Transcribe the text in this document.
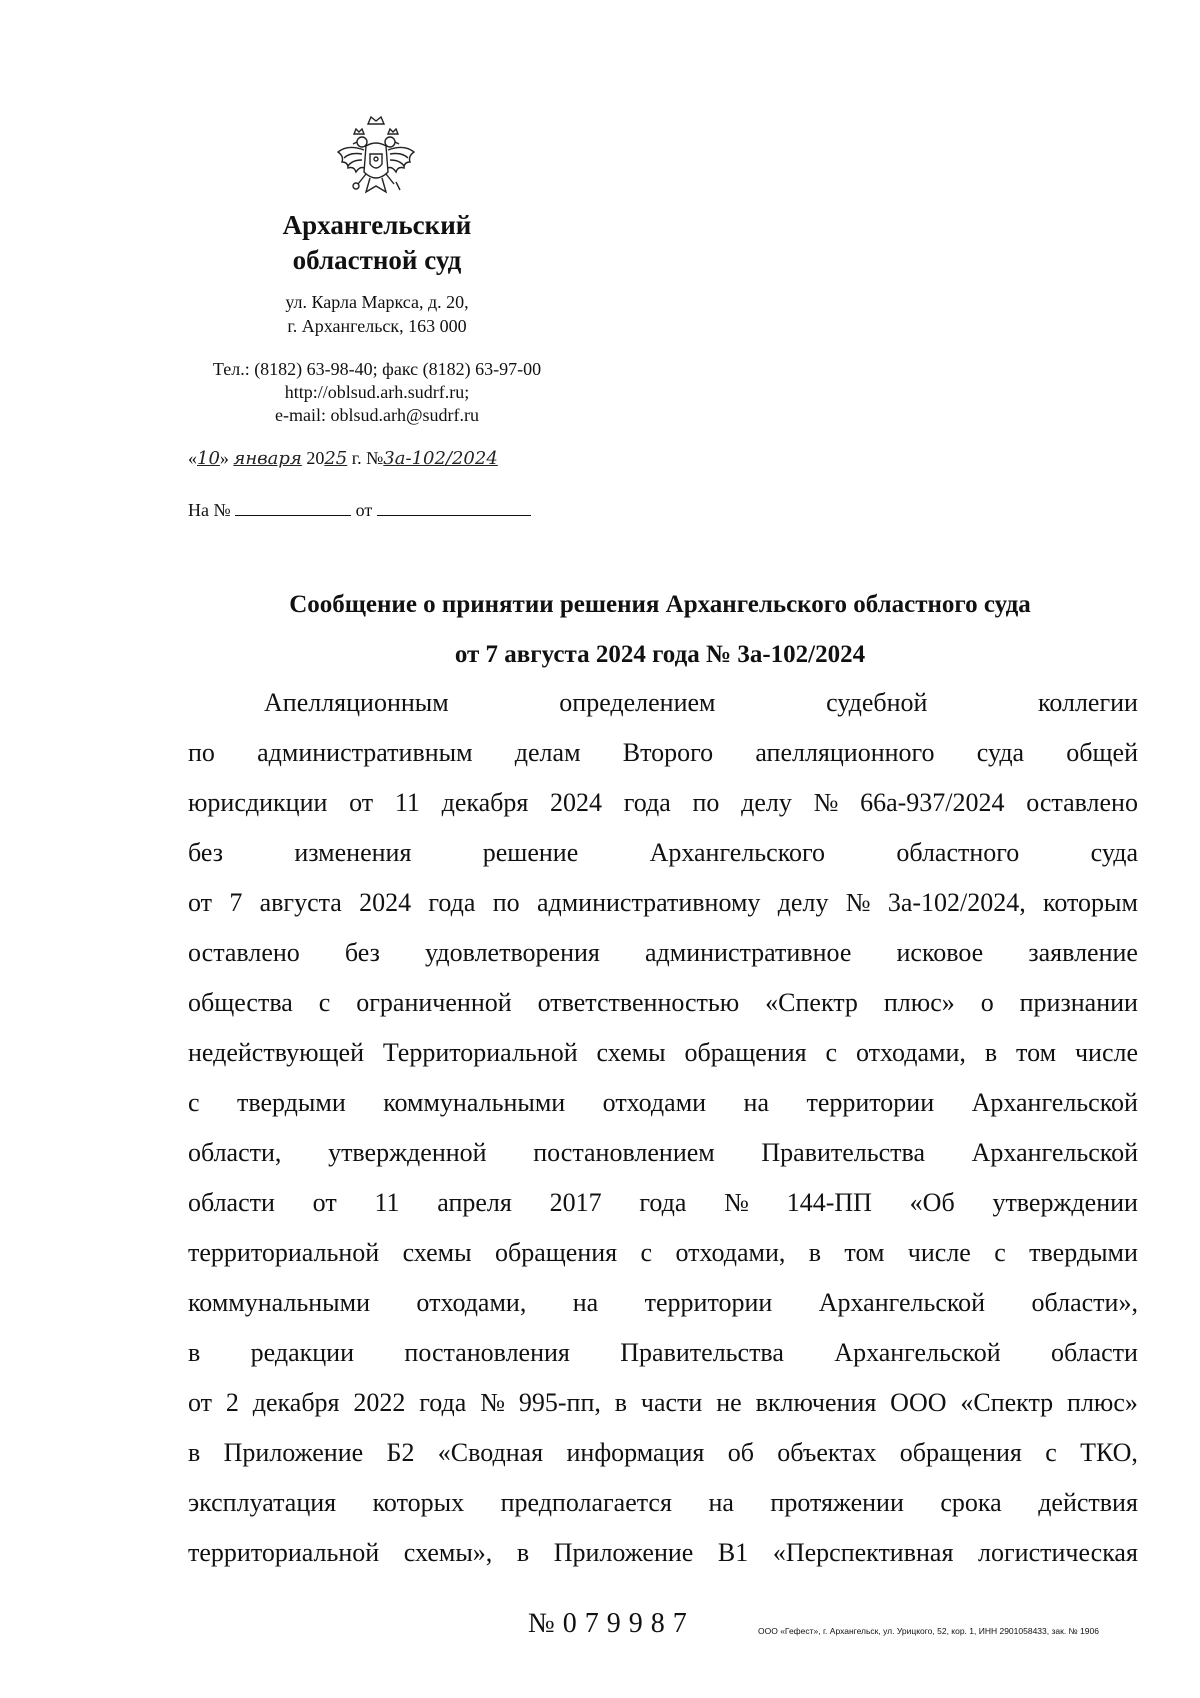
Архангельский
областной суд
ул. Карла Маркса, д. 20,
г. Архангельск, 163 000
Тел.: (8182) 63-98-40; факс (8182) 63-97-00
http://oblsud.arh.sudrf.ru;
e-mail: oblsud.arh@sudrf.ru
«10» января 2025 г. №3а-102/2024
На №	от
Сообщение о принятии решения Архангельского областного суда
от 7 августа 2024 года № 3а-102/2024
Апелляционным	определением	судебной	коллегии
по административным делам Второго апелляционного суда общей
юрисдикции от 11 декабря 2024 года по делу № 66а-937/2024 оставлено
без	изменения	решение	Архангельского	областного	суда
от 7 августа 2024 года по административному делу № 3а-102/2024, которым
оставлено без удовлетворения административное исковое заявление
общества с ограниченной ответственностью «Спектр плюс» о признании
недействующей Территориальной схемы обращения с отходами, в том числе
с твердыми коммунальными отходами на территории Архангельской
области, утвержденной постановлением Правительства Архангельской
области от 11 апреля 2017 года № 144-ПП «Об утверждении
территориальной схемы обращения с отходами, в том числе с твердыми
коммунальными отходами, на территории Архангельской области»,
в редакции постановления Правительства Архангельской области
от 2 декабря 2022 года № 995-пп, в части не включения ООО «Спектр плюс»
в Приложение Б2 «Сводная информация об объектах обращения с ТКО,
эксплуатация которых предполагается на протяжении срока действия
территориальной схемы», в Приложение В1 «Перспективная логистическая
№079987	ООО «Гефест», г. Архангельск, ул. Урицкого, 52, кор. 1, ИНН 2901058433, зак. № 1906
